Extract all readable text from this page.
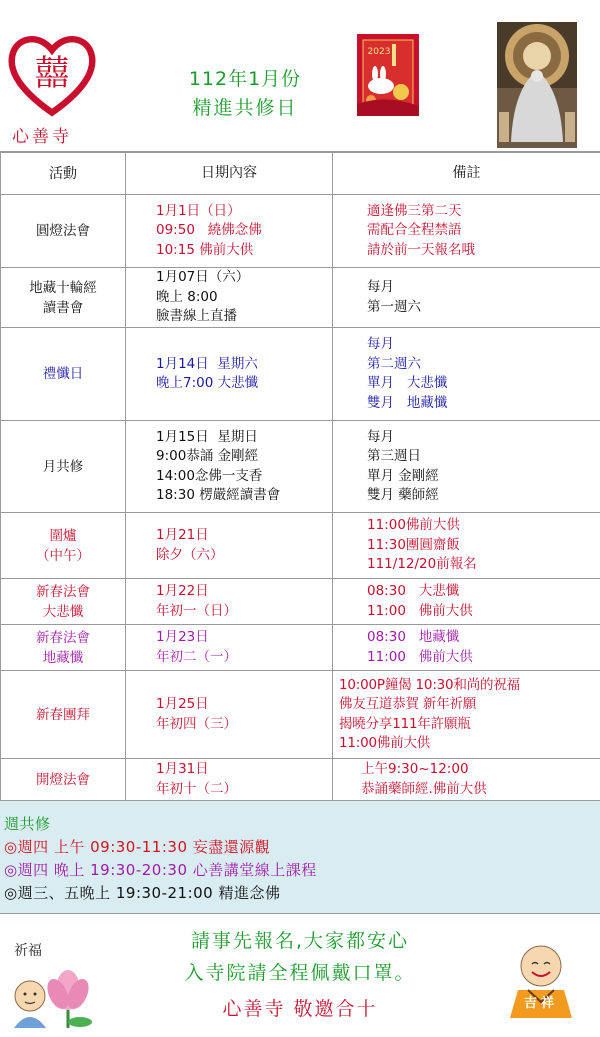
囍
心善寺
112年1月份
精進共修日
2023
活動	日期內容	備註

圓燈法會	1月1日（日）
09:50   繞佛念佛
10:15 佛前大供	適逢佛三第二天
需配合全程禁語
請於前一天報名哦

地藏十輪經
讀書會	1月07日（六）
晚上 8:00
臉書線上直播	每月
第一週六

禮懺日	1月14日  星期六
晚上7:00 大悲懺	每月
第二週六
單月   大悲懺
雙月   地藏懺

月共修	1月15日  星期日
9:00恭誦 金剛經
14:00念佛一支香
18:30 楞嚴經讀書會	每月
第三週日
單月 金剛經
雙月 藥師經

圍爐
（中午）	1月21日
除夕（六）	11:00佛前大供
11:30團圓齋飯
111/12/20前報名

新春法會
大悲懺	1月22日
年初一（日）	08:30   大悲懺
11:00   佛前大供

新春法會
地藏懺	1月23日
年初二（一）	08:30   地藏懺
11:00   佛前大供

新春團拜	1月25日
年初四（三）	10:00P鐘偈 10:30和尚的祝福
佛友互道恭賀 新年祈願
揭曉分享111年許願瓶
11:00佛前大供

開燈法會	1月31日
年初十（二）	上午9:30~12:00
恭誦藥師經.佛前大供
週共修
◎週四 上午 09:30-11:30 妄盡還源觀
◎週四 晚上 19:30-20:30 心善講堂線上課程
◎週三、五晚上 19:30-21:00 精進念佛
祈福	請事先報名,大家都安心
入寺院請全程佩戴口罩。
心善寺 敬邀合十	吉祥
